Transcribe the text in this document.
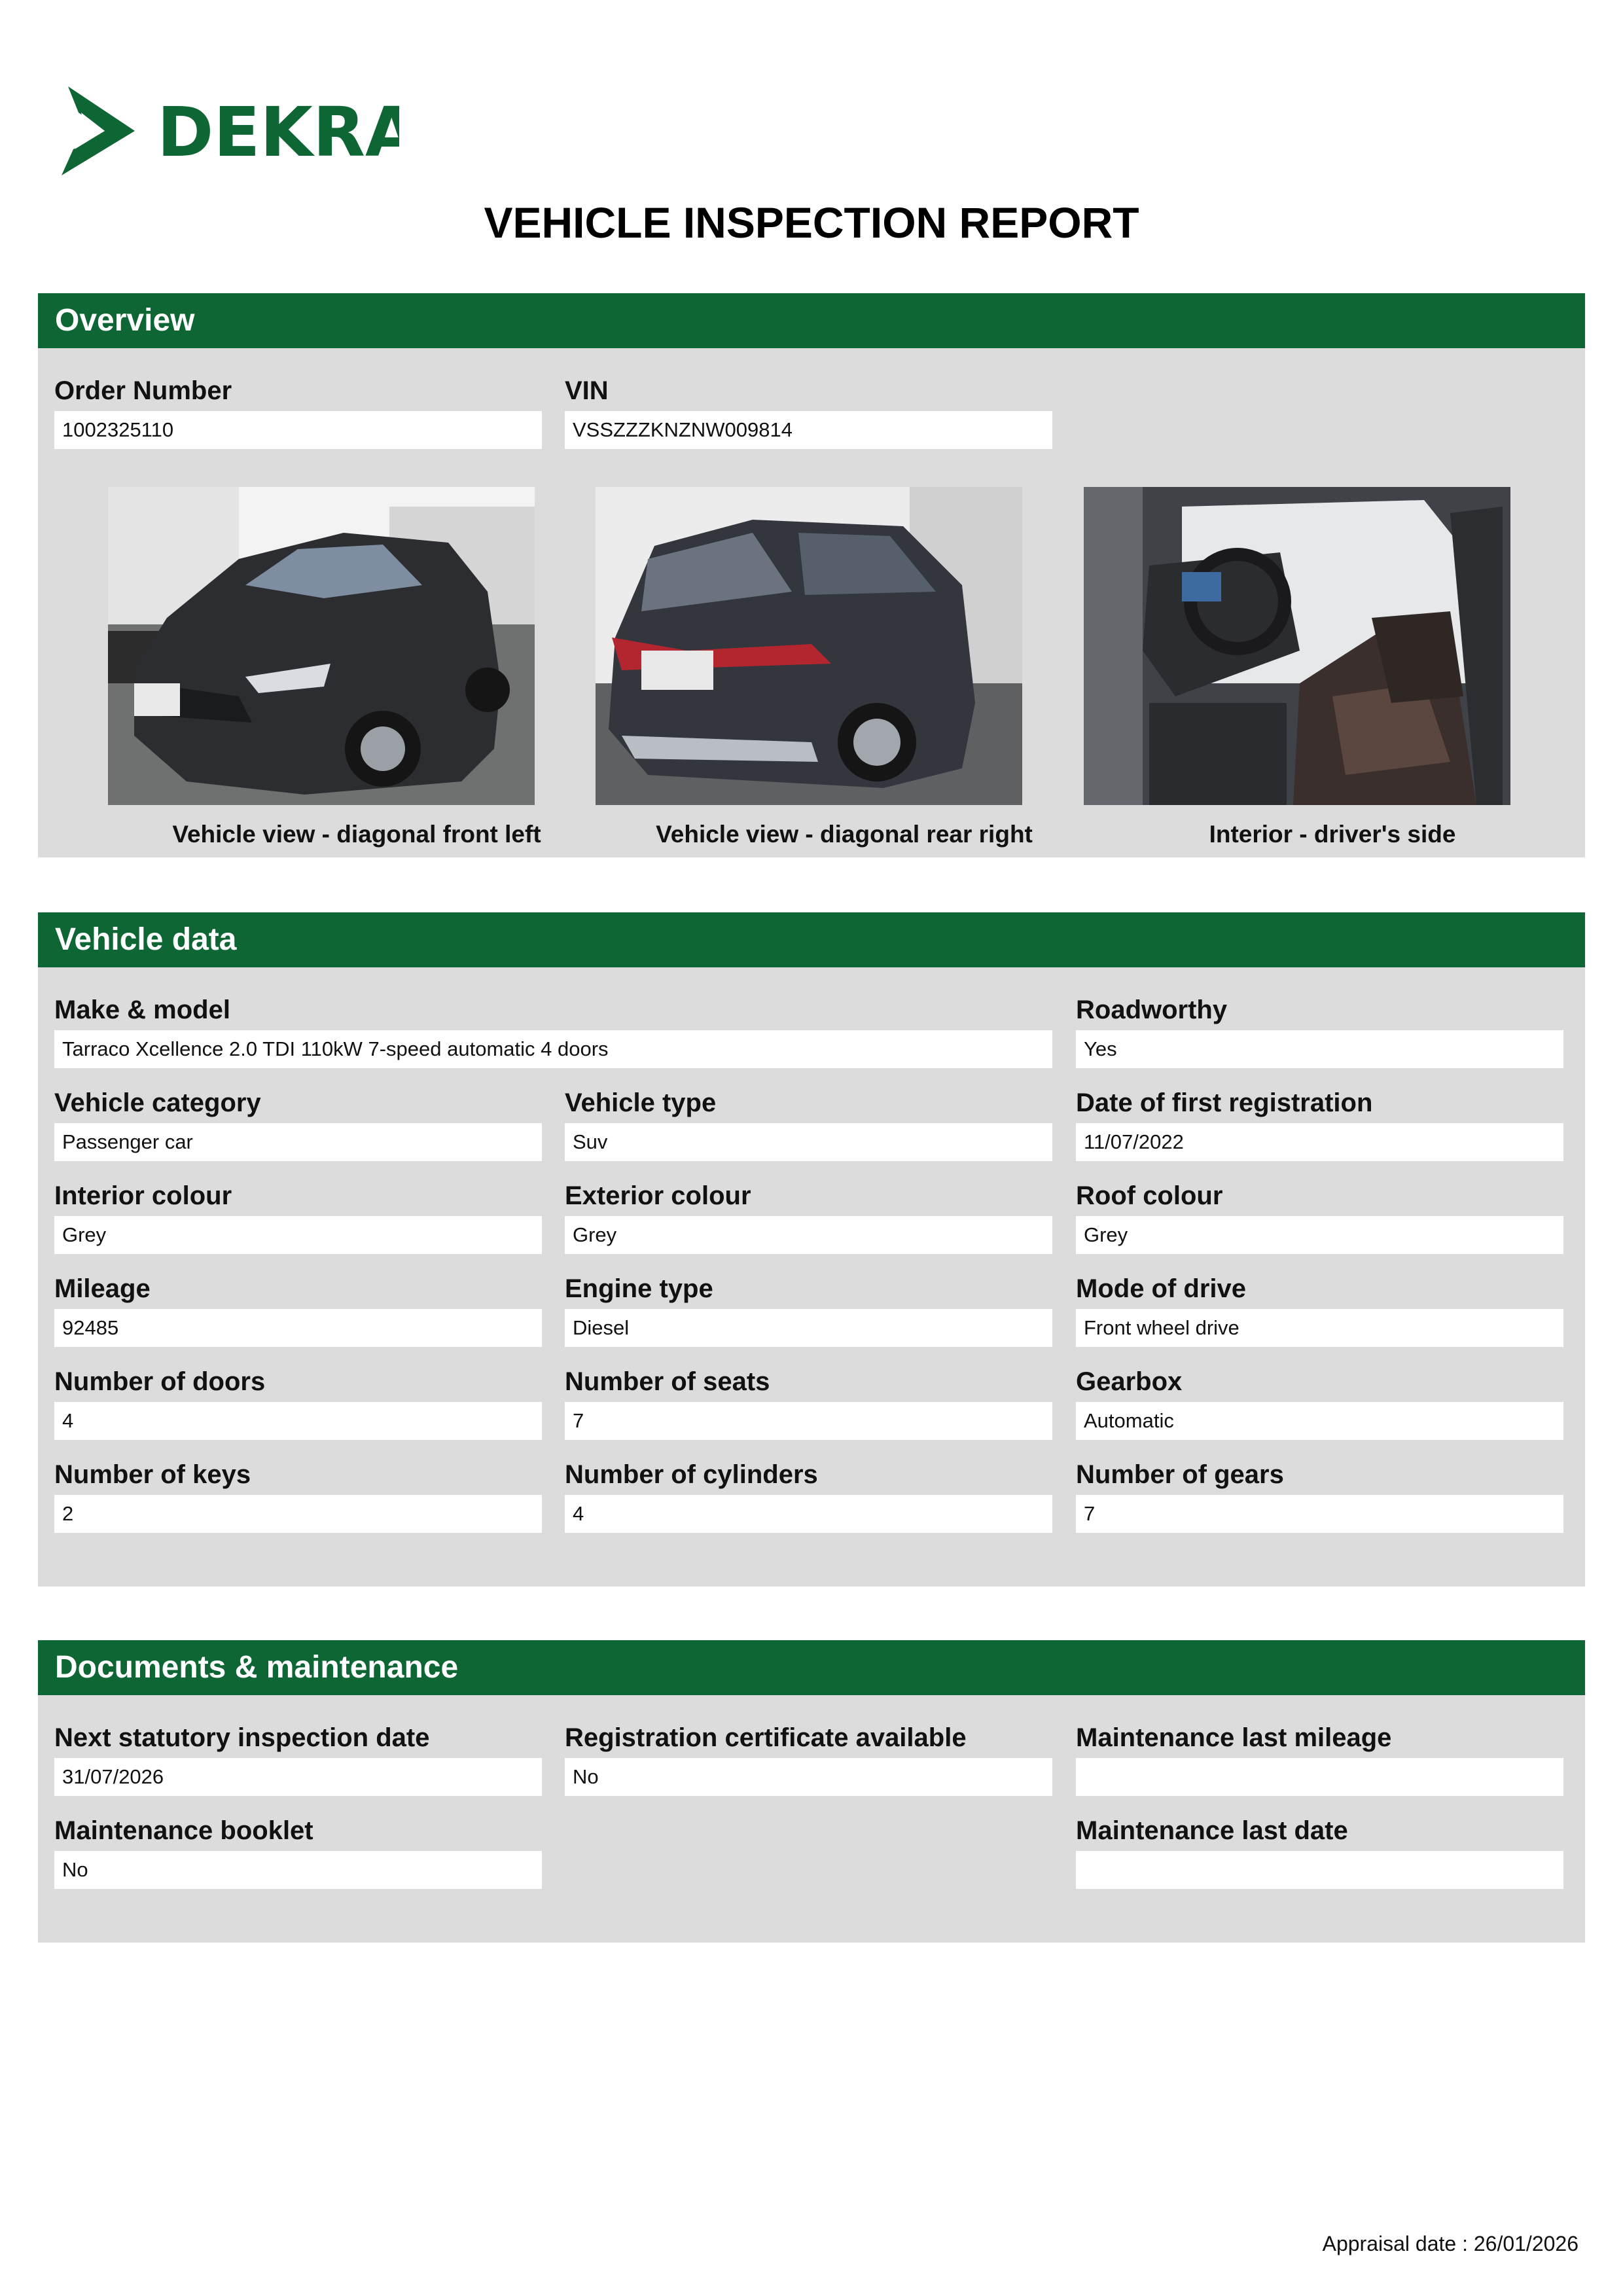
DEKRA
VEHICLE INSPECTION REPORT
Overview
Order Number
1002325110
VIN
VSSZZZKNZNW009814
Vehicle view - diagonal front left	Vehicle view - diagonal rear right	Interior - driver's side
Vehicle data
Make & model
Tarraco Xcellence 2.0 TDI 110kW 7-speed automatic 4 doors
Roadworthy
Yes
Vehicle category
Passenger car
Vehicle type
Suv
Date of first registration
11/07/2022
Interior colour
Grey
Exterior colour
Grey
Roof colour
Grey
Mileage
92485
Engine type
Diesel
Mode of drive
Front wheel drive
Number of doors
4
Number of seats
7
Gearbox
Automatic
Number of keys
2
Number of cylinders
4
Number of gears
7
Documents & maintenance
Next statutory inspection date
31/07/2026
Registration certificate available
No
Maintenance last mileage
Maintenance booklet
No
Maintenance last date
Appraisal date : 26/01/2026
